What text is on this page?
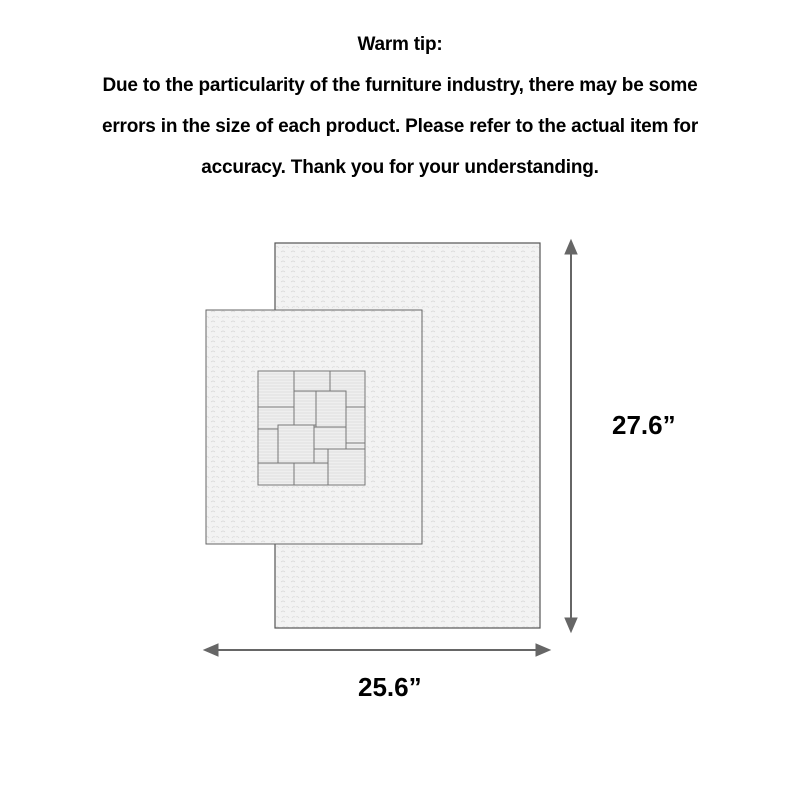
Warm tip:
Due to the particularity of the furniture industry, there may be some
errors in the size of each product. Please refer to the actual item for
accuracy. Thank you for your understanding.
27.6”
25.6”
